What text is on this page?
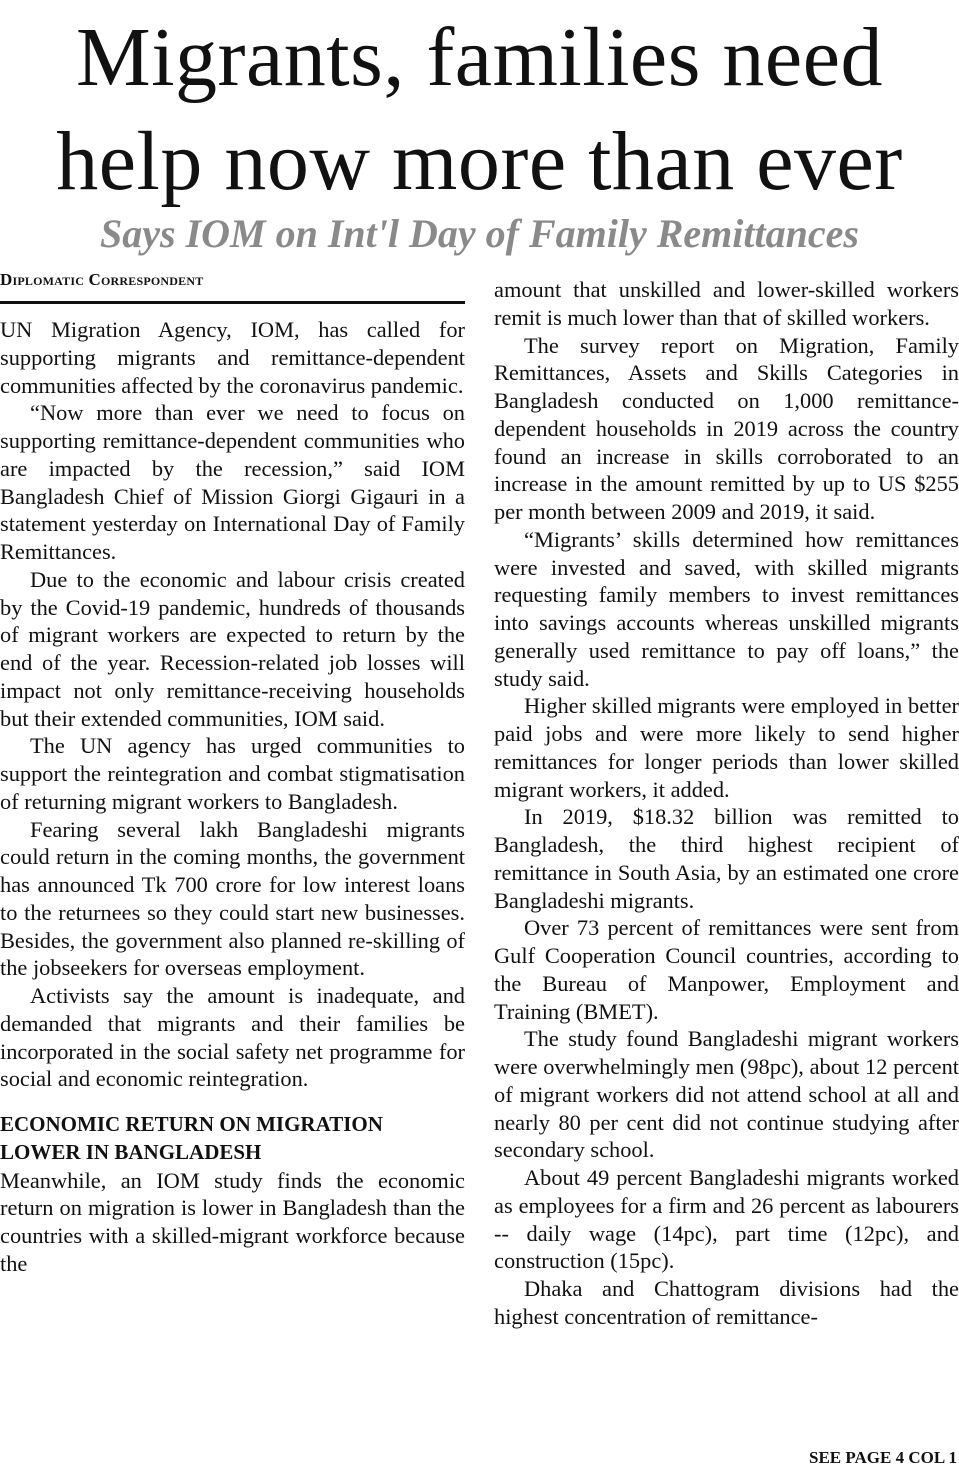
Migrants, families need
help now more than ever
Says IOM on Int'l Day of Family Remittances
Diplomatic Correspondent

UN Migration Agency, IOM, has called for supporting migrants and remittance-dependent communities affected by the coronavirus pandemic.

“Now more than ever we need to focus on supporting remittance-dependent communities who are impacted by the recession,” said IOM Bangladesh Chief of Mission Giorgi Gigauri in a statement yesterday on International Day of Family Remittances.

Due to the economic and labour crisis created by the Covid-19 pandemic, hundreds of thousands of migrant workers are expected to return by the end of the year. Recession-related job losses will impact not only remittance-receiving households but their extended communities, IOM said.

The UN agency has urged communities to support the reintegration and combat stigmatisation of returning migrant workers to Bangladesh.

Fearing several lakh Bangladeshi migrants could return in the coming months, the government has announced Tk 700 crore for low interest loans to the returnees so they could start new businesses. Besides, the government also planned re-skilling of the jobseekers for overseas employment.

Activists say the amount is inadequate, and demanded that migrants and their families be incorporated in the social safety net programme for social and economic reintegration.

ECONOMIC RETURN ON MIGRATION LOWER IN BANGLADESH

Meanwhile, an IOM study finds the economic return on migration is lower in Bangladesh than the countries with a skilled-migrant workforce because the

amount that unskilled and lower-skilled workers remit is much lower than that of skilled workers.

The survey report on Migration, Family Remittances, Assets and Skills Categories in Bangladesh conducted on 1,000 remittance-dependent households in 2019 across the country found an increase in skills corroborated to an increase in the amount remitted by up to US $255 per month between 2009 and 2019, it said.

“Migrants’ skills determined how remittances were invested and saved, with skilled migrants requesting family members to invest remittances into savings accounts whereas unskilled migrants generally used remittance to pay off loans,” the study said.

Higher skilled migrants were employed in better paid jobs and were more likely to send higher remittances for longer periods than lower skilled migrant workers, it added.

In 2019, $18.32 billion was remitted to Bangladesh, the third highest recipient of remittance in South Asia, by an estimated one crore Bangladeshi migrants.

Over 73 percent of remittances were sent from Gulf Cooperation Council countries, according to the Bureau of Manpower, Employment and Training (BMET).

The study found Bangladeshi migrant workers were overwhelmingly men (98pc), about 12 percent of migrant workers did not attend school at all and nearly 80 per cent did not continue studying after secondary school.

About 49 percent Bangladeshi migrants worked as employees for a firm and 26 percent as labourers -- daily wage (14pc), part time (12pc), and construction (15pc).

Dhaka and Chattogram divisions had the highest concentration of remittance-

SEE PAGE 4 COL 1
